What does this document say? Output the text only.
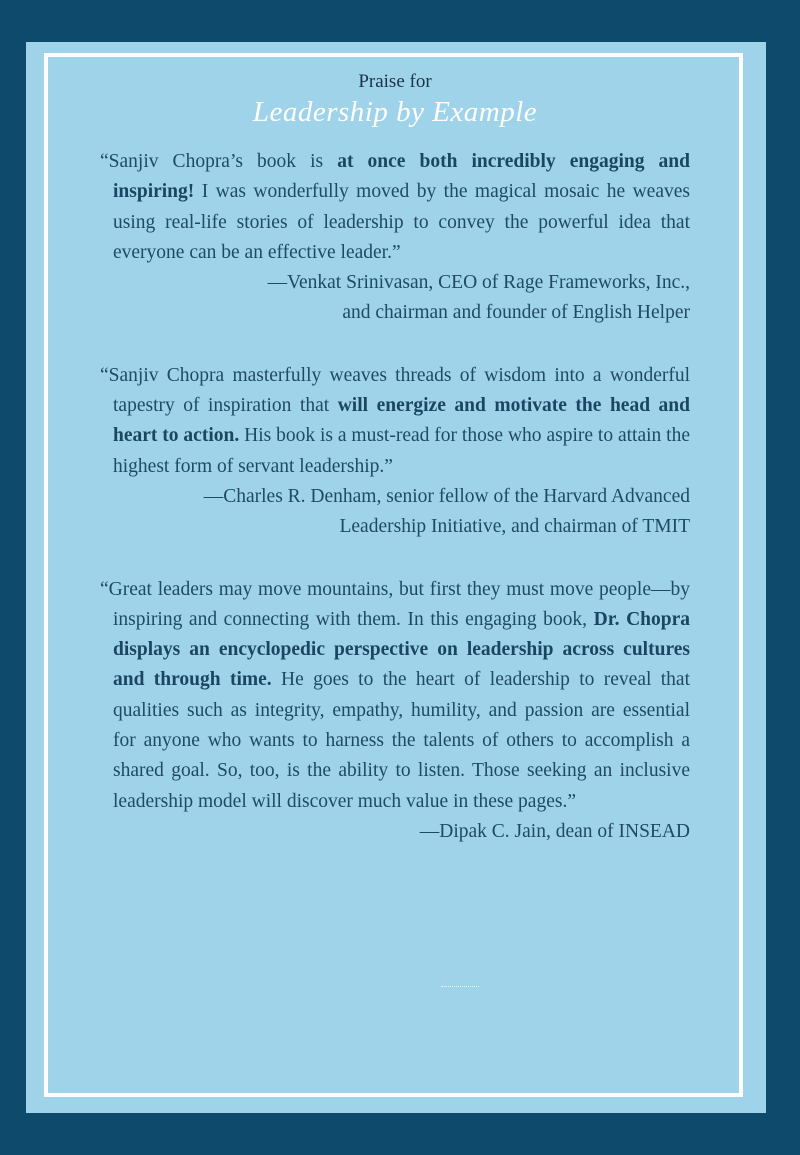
Praise for
Leadership by Example

“Sanjiv Chopra’s book is at once both incredibly engaging and inspiring! I was wonderfully moved by the magical mosaic he weaves using real-life stories of leadership to convey the powerful idea that everyone can be an effective leader.”

—Venkat Srinivasan, CEO of Rage Frameworks, Inc.,

and chairman and founder of English Helper

“Sanjiv Chopra masterfully weaves threads of wisdom into a wonderful tapestry of inspiration that will energize and motivate the head and heart to action. His book is a must-read for those who aspire to attain the highest form of servant leadership.”

—Charles R. Denham, senior fellow of the Harvard Advanced

Leadership Initiative, and chairman of TMIT

“Great leaders may move mountains, but first they must move people—by inspiring and connecting with them. In this engaging book, Dr. Chopra displays an encyclopedic perspective on leadership across cultures and through time. He goes to the heart of leadership to reveal that qualities such as integrity, empathy, humility, and passion are essential for anyone who wants to harness the talents of others to accomplish a shared goal. So, too, is the ability to listen. Those seeking an inclusive leadership model will discover much value in these pages.”

—Dipak C. Jain, dean of INSEAD
